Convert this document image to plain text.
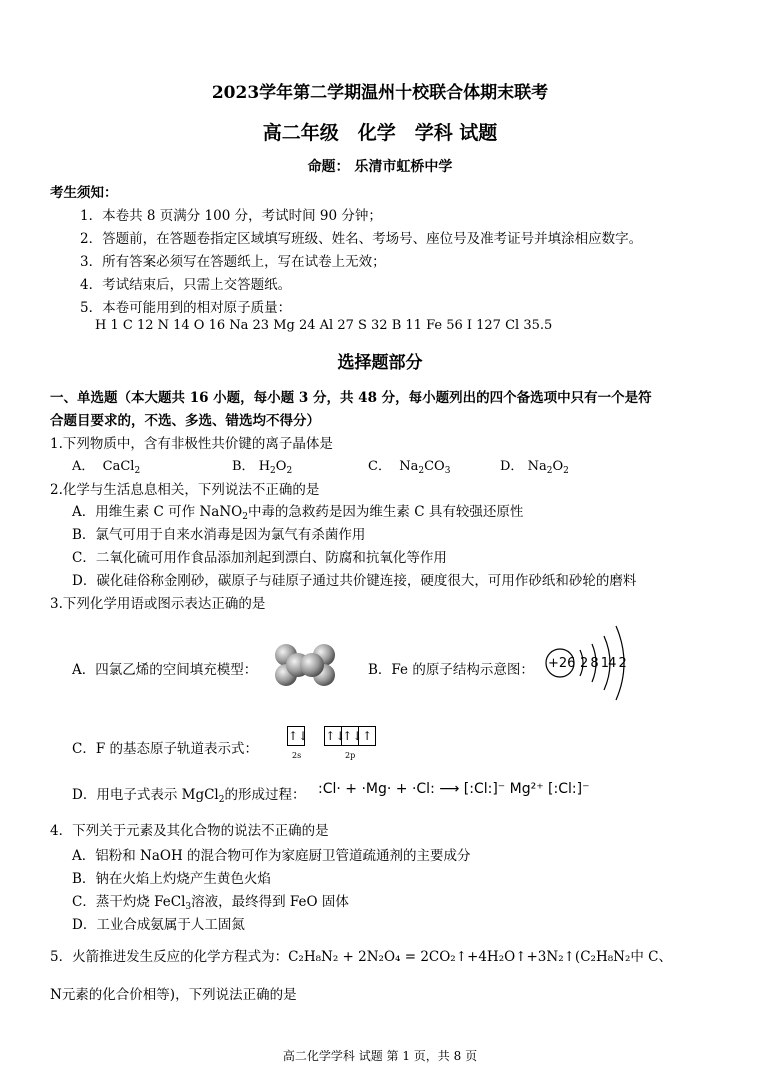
2023学年第二学期温州十校联合体期末联考
高二年级　化学　学科 试题
命题： 乐清市虹桥中学
考生须知：
1．本卷共 8 页满分 100 分，考试时间 90 分钟；
2．答题前，在答题卷指定区域填写班级、姓名、考场号、座位号及准考证号并填涂相应数字。
3．所有答案必须写在答题纸上，写在试卷上无效；
4．考试结束后，只需上交答题纸。
5．本卷可能用到的相对原子质量：
H 1 C 12 N 14 O 16 Na 23 Mg 24 Al 27 S 32 B 11 Fe 56 I 127 Cl 35.5
选择题部分
一、单选题（本大题共 16 小题，每小题 3 分，共 48 分，每小题列出的四个备选项中只有一个是符
合题目要求的，不选、多选、错选均不得分）
1.下列物质中，含有非极性共价键的离子晶体是
A． CaCl$_2$	B． $H_2O_2$	C． $Na_2CO_3$	D． $Na_2O_2$
2.化学与生活息息相关，下列说法不正确的是
A．用维生素 C 可作 NaNO$_2$中毒的急救药是因为维生素 C 具有较强还原性
B．氯气可用于自来水消毒是因为氯气有杀菌作用
C．二氧化硫可用作食品添加剂起到漂白、防腐和抗氧化等作用
D．碳化硅俗称金刚砂，碳原子与硅原子通过共价键连接，硬度很大，可用作砂纸和砂轮的磨料
3.下列化学用语或图示表达正确的是
A．四氯乙烯的空间填充模型：	B．Fe 的原子结构示意图： +26 2 8 14 2
C．F 的基态原子轨道表示式：
↑↓ ↑↓↑↓↑
2s	2p
D．用电子式表示 MgCl$_2$的形成过程： :Cl· + ·Mg· + ·Cl: ⟶ [:Cl:]⁻ Mg²⁺ [:Cl:]⁻
4．下列关于元素及其化合物的说法不正确的是
A．铝粉和 NaOH 的混合物可作为家庭厨卫管道疏通剂的主要成分
B．钠在火焰上灼烧产生黄色火焰
C．蒸干灼烧 FeCl$_3$溶液，最终得到 FeO 固体
D．工业合成氨属于人工固氮
5．火箭推进发生反应的化学方程式为：C₂H₈N₂ + 2N₂O₄ = 2CO₂↑+4H₂O↑+3N₂↑(C₂H₈N₂中 C、
N元素的化合价相等)，下列说法正确的是
高二化学学科 试题 第 1 页，共 8 页
